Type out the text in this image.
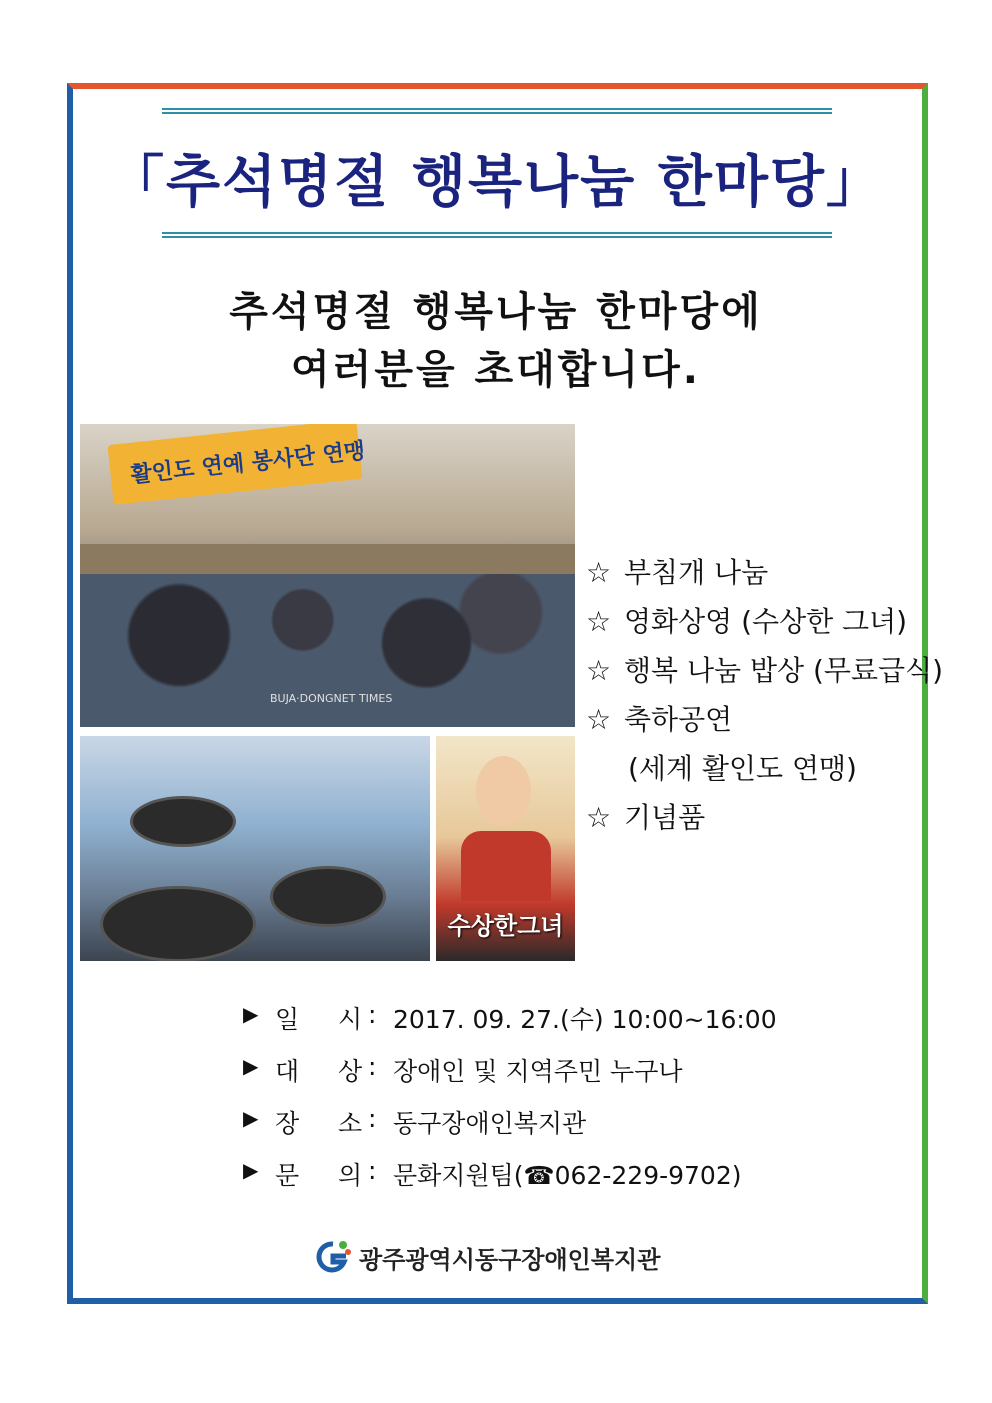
「추석명절 행복나눔 한마당」
추석명절 행복나눔 한마당에
여러분을 초대합니다.
활인도 연예 봉사단 연맹
BUJA·DONGNET TIMES
수상한그녀
☆ 부침개 나눔
☆ 영화상영 (수상한 그녀)
☆ 행복 나눔 밥상 (무료급식)
☆ 축하공연
(세계 활인도 연맹)
☆ 기념품
▶ 일 시 : 2017. 09. 27.(수) 10:00~16:00
▶ 대 상 : 장애인 및 지역주민 누구나
▶ 장 소 : 동구장애인복지관
▶ 문 의 : 문화지원팀(☎062-229-9702)
광주광역시동구장애인복지관
